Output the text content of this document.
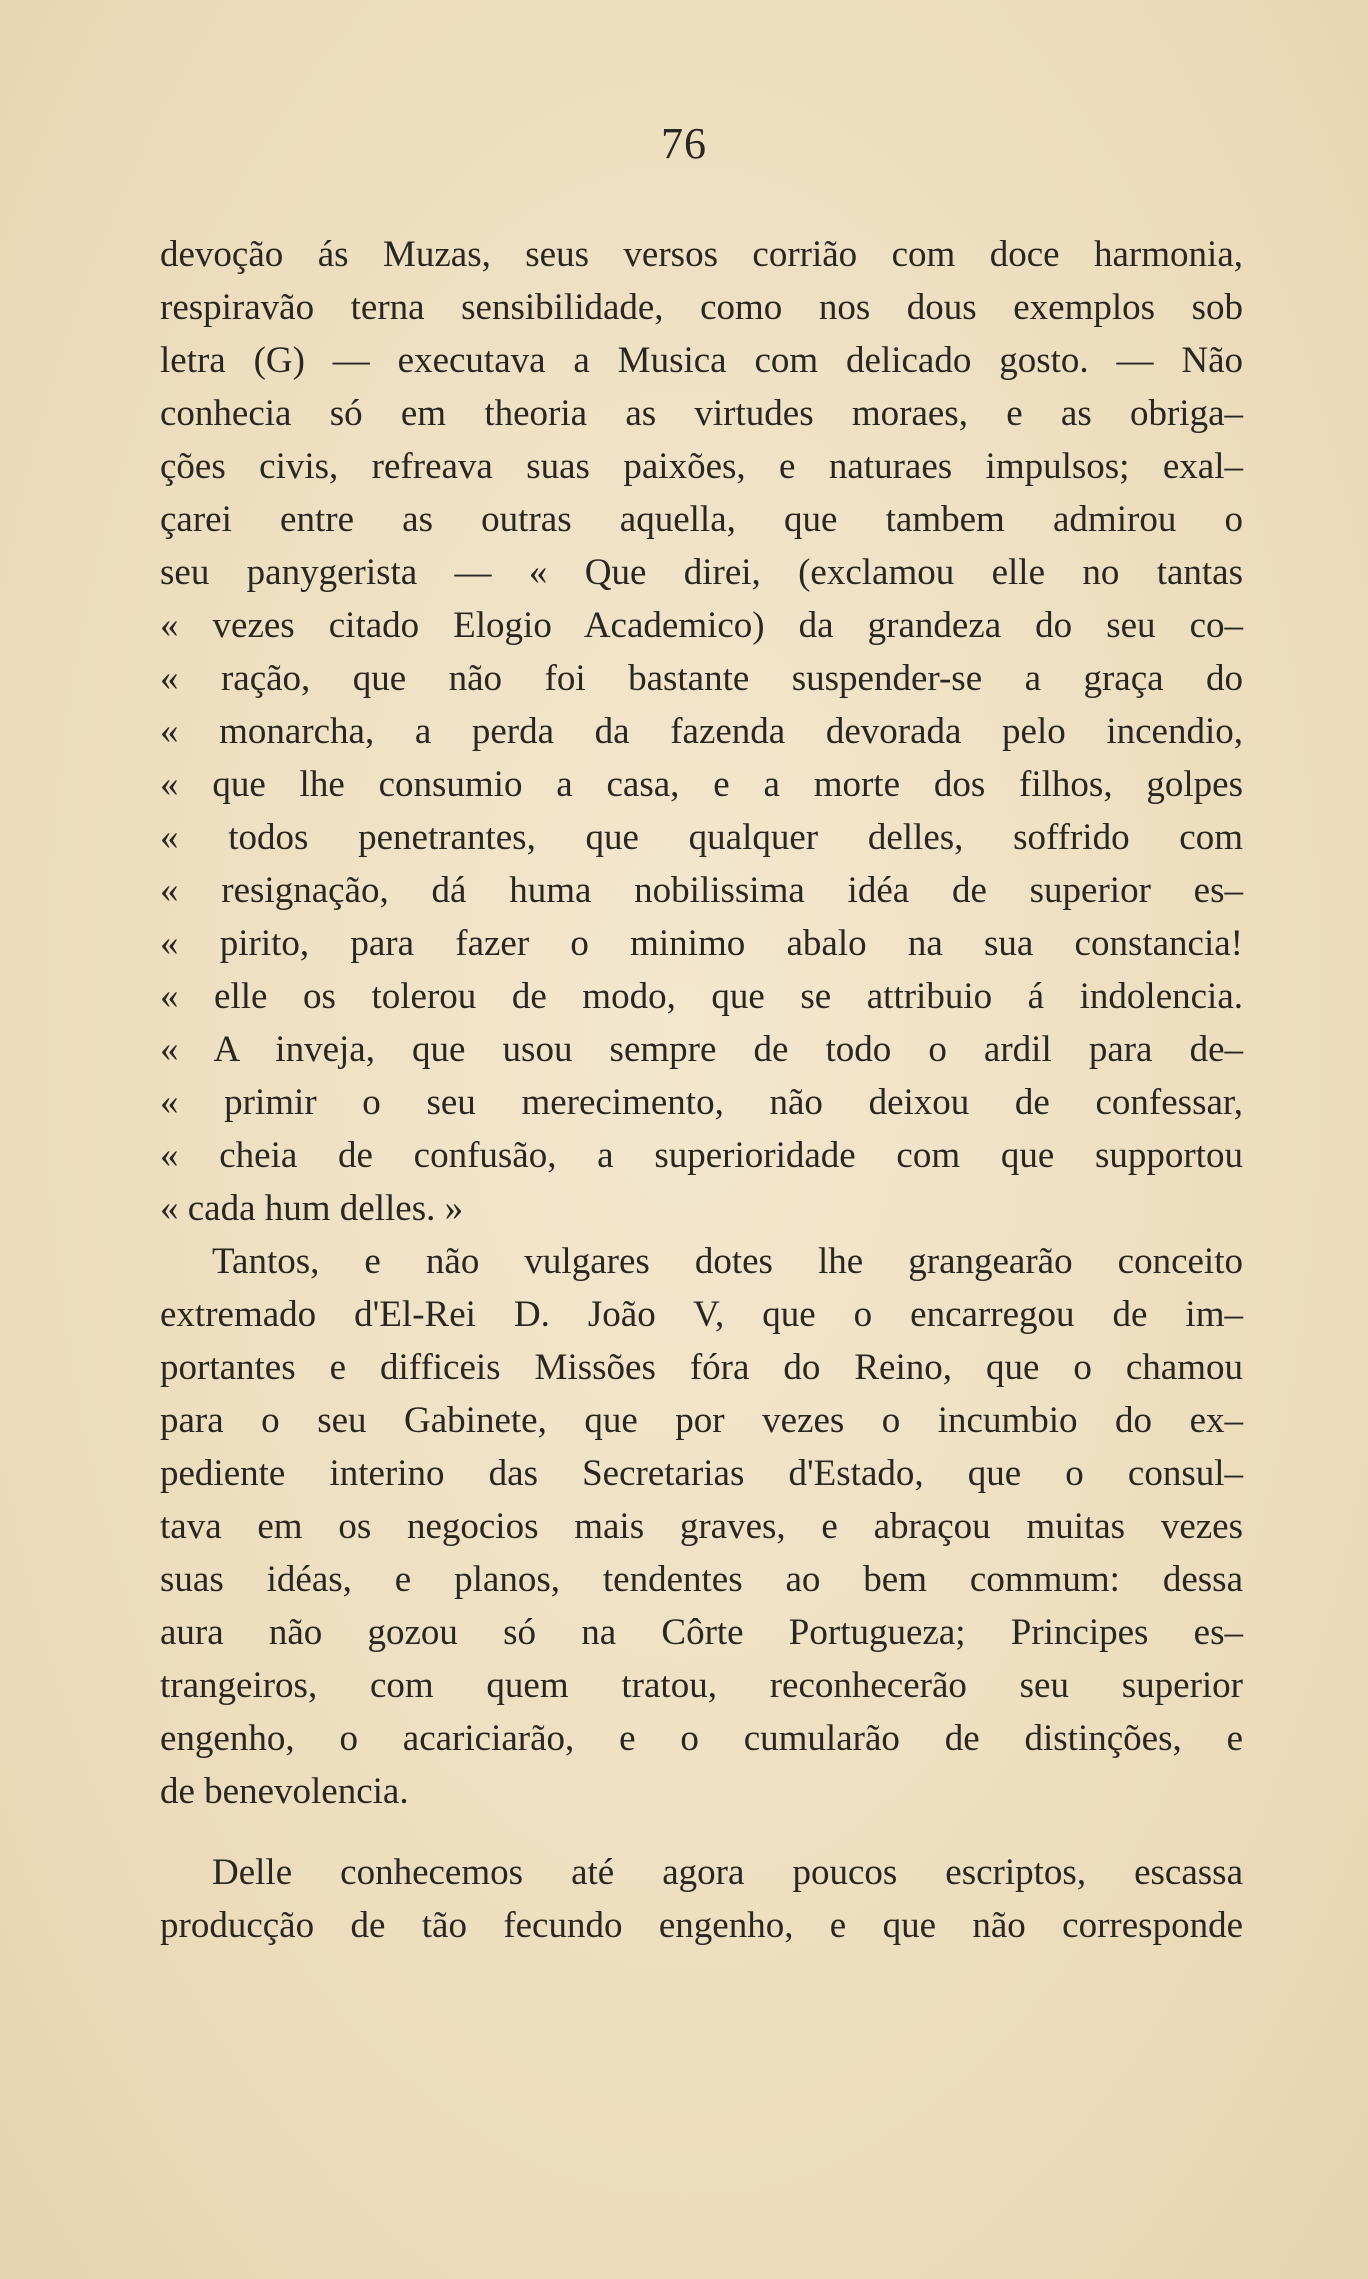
76
devoção ás Muzas, seus versos corrião com doce harmonia,
respiravão terna sensibilidade, como nos dous exemplos sob
letra (G) — executava a Musica com delicado gosto. — Não
conhecia só em theoria as virtudes moraes, e as obriga–
ções civis, refreava suas paixões, e naturaes impulsos; exal–
çarei entre as outras aquella, que tambem admirou o
seu panygerista — « Que direi, (exclamou elle no tantas
« vezes citado Elogio Academico) da grandeza do seu co–
« ração, que não foi bastante suspender-se a graça do
« monarcha, a perda da fazenda devorada pelo incendio,
« que lhe consumio a casa, e a morte dos filhos, golpes
« todos penetrantes, que qualquer delles, soffrido com
« resignação, dá huma nobilissima idéa de superior es–
« pirito, para fazer o minimo abalo na sua constancia!
« elle os tolerou de modo, que se attribuio á indolencia.
« A inveja, que usou sempre de todo o ardil para de–
« primir o seu merecimento, não deixou de confessar,
« cheia de confusão, a superioridade com que supportou
« cada hum delles. »
Tantos, e não vulgares dotes lhe grangearão conceito
extremado d'El-Rei D. João V, que o encarregou de im–
portantes e difficeis Missões fóra do Reino, que o chamou
para o seu Gabinete, que por vezes o incumbio do ex–
pediente interino das Secretarias d'Estado, que o consul–
tava em os negocios mais graves, e abraçou muitas vezes
suas idéas, e planos, tendentes ao bem commum: dessa
aura não gozou só na Côrte Portugueza; Principes es–
trangeiros, com quem tratou, reconhecerão seu superior
engenho, o acariciarão, e o cumularão de distinções, e
de benevolencia.
Delle conhecemos até agora poucos escriptos, escassa
producção de tão fecundo engenho, e que não corresponde
